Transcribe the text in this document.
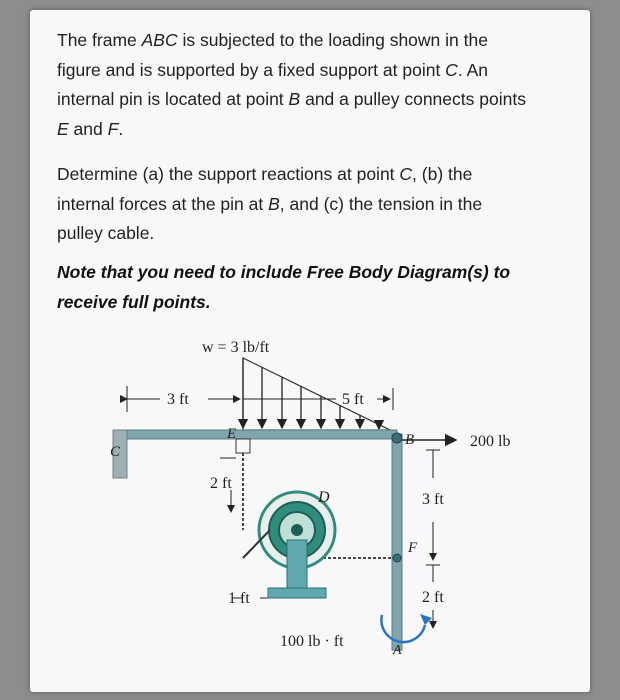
The frame ABC is subjected to the loading shown in the figure and is supported by a fixed support at point C. An internal pin is located at point B and a pulley connects points E and F.
Determine (a) the support reactions at point C, (b) the internal forces at the pin at B, and (c) the tension in the pulley cable.
Note that you need to include Free Body Diagram(s) to receive full points.
3 ft	5 ft
w = 3 lb/ft
C
B	200 lb
3 ft
2 ft
F
E
2 ft
1 ft
D
100 lb · ft
A
